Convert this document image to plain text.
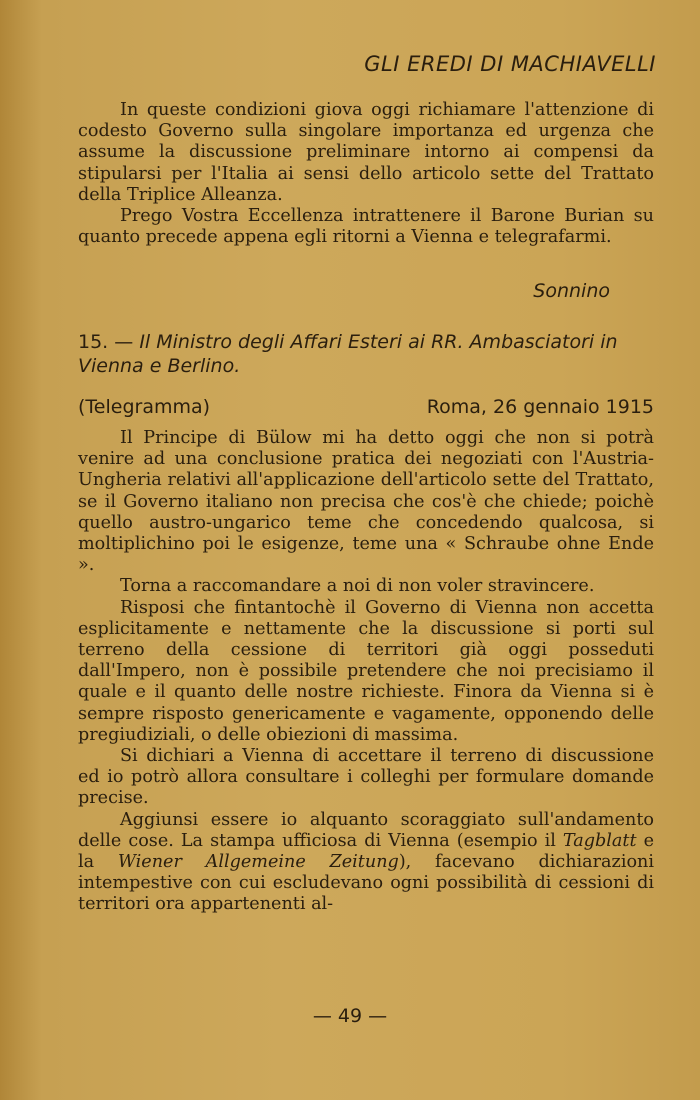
GLI EREDI DI MACHIAVELLI

In queste condizioni giova oggi richiamare l'attenzione di codesto Governo sulla singolare importanza ed urgenza che assume la discussione preliminare intorno ai compensi da stipularsi per l'Italia ai sensi dello articolo sette del Trattato della Triplice Alleanza.

Prego Vostra Eccellenza intrattenere il Barone Burian su quanto precede appena egli ritorni a Vienna e telegrafarmi.

Sonnino
15. — Il Ministro degli Affari Esteri ai RR. Ambasciatori in Vienna e Berlino.
(Telegramma)	Roma, 26 gennaio 1915

Il Principe di Bülow mi ha detto oggi che non si potrà venire ad una conclusione pratica dei negoziati con l'Austria-Ungheria relativi all'applicazione dell'articolo sette del Trattato, se il Governo italiano non precisa che cos'è che chiede; poichè quello austro-ungarico teme che concedendo qualcosa, si moltiplichino poi le esigenze, teme una « Schraube ohne Ende ».

Torna a raccomandare a noi di non voler stravincere.

Risposi che fintantochè il Governo di Vienna non accetta esplicitamente e nettamente che la discussione si porti sul terreno della cessione di territori già oggi posseduti dall'Impero, non è possibile pretendere che noi precisiamo il quale e il quanto delle nostre richieste. Finora da Vienna si è sempre risposto genericamente e vagamente, opponendo delle pregiudiziali, o delle obiezioni di massima.

Si dichiari a Vienna di accettare il terreno di discussione ed io potrò allora consultare i colleghi per formulare domande precise.

Aggiunsi essere io alquanto scoraggiato sull'andamento delle cose. La stampa ufficiosa di Vienna (esempio il Tagblatt e la Wiener Allgemeine Zeitung), facevano dichiarazioni intempestive con cui escludevano ogni possibilità di cessioni di territori ora appartenenti al-

— 49 —
